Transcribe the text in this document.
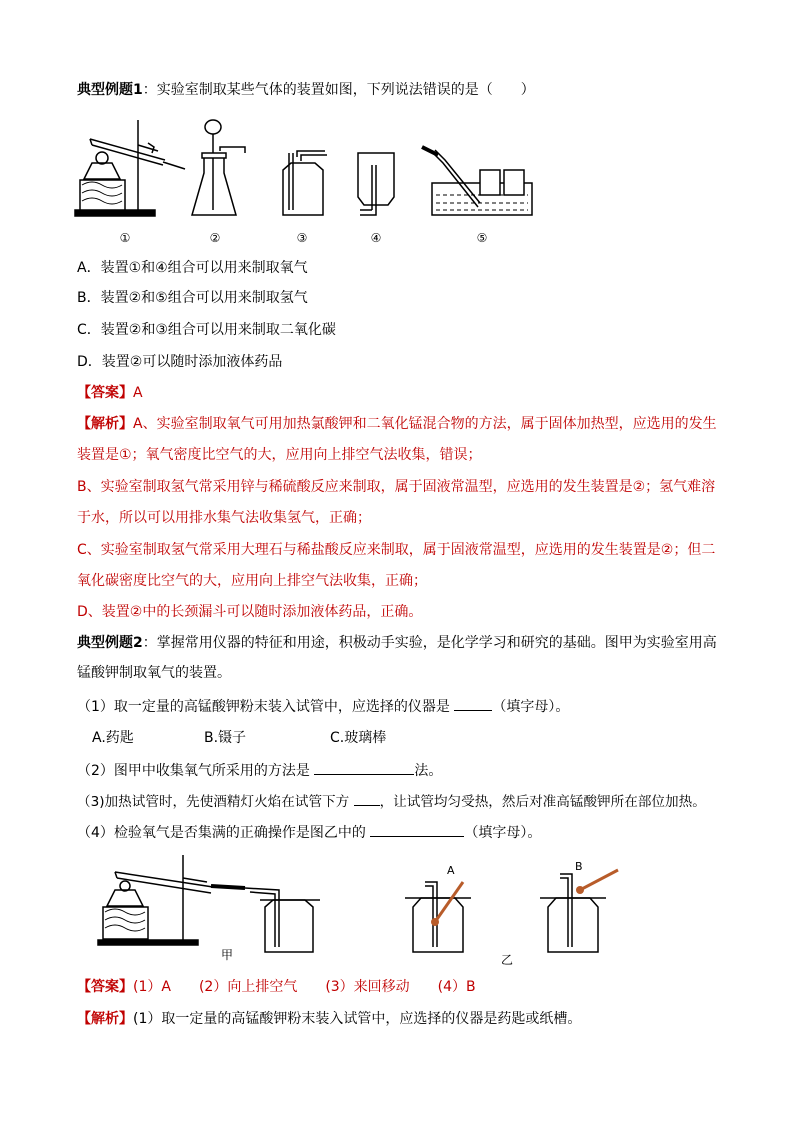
典型例题1：实验室制取某些气体的装置如图，下列说法错误的是（　　）
①	②	③	④	⑤
A．装置①和④组合可以用来制取氧气
B．装置②和⑤组合可以用来制取氢气
C．装置②和③组合可以用来制取二氧化碳
D．装置②可以随时添加液体药品
【答案】A
【解析】A、实验室制取氧气可用加热氯酸钾和二氧化锰混合物的方法，属于固体加热型，应选用的发生
装置是①；氧气密度比空气的大，应用向上排空气法收集，错误；
B、实验室制取氢气常采用锌与稀硫酸反应来制取，属于固液常温型，应选用的发生装置是②；氢气难溶
于水，所以可以用排水集气法收集氢气，正确；
C、实验室制取氢气常采用大理石与稀盐酸反应来制取，属于固液常温型，应选用的发生装置是②；但二
氧化碳密度比空气的大，应用向上排空气法收集，正确；
D、装置②中的长颈漏斗可以随时添加液体药品，正确。
典型例题2：掌握常用仪器的特征和用途，积极动手实验，是化学学习和研究的基础。图甲为实验室用高
锰酸钾制取氧气的装置。
（1）取一定量的高锰酸钾粉末装入试管中，应选择的仪器是	（填字母）。
A.药匙	B.镊子	C.玻璃棒
（2）图甲中收集氧气所采用的方法是	法。
（3)加热试管时，先使酒精灯火焰在试管下方 ，让试管均匀受热，然后对准高锰酸钾所在部位加热。
（4）检验氧气是否集满的正确操作是图乙中的	（填字母）。
甲	乙
A	B
【答案】(1）A　　(2）向上排空气　　(3）来回移动　　(4）B
【解析】(1）取一定量的高锰酸钾粉末装入试管中，应选择的仪器是药匙或纸槽。
